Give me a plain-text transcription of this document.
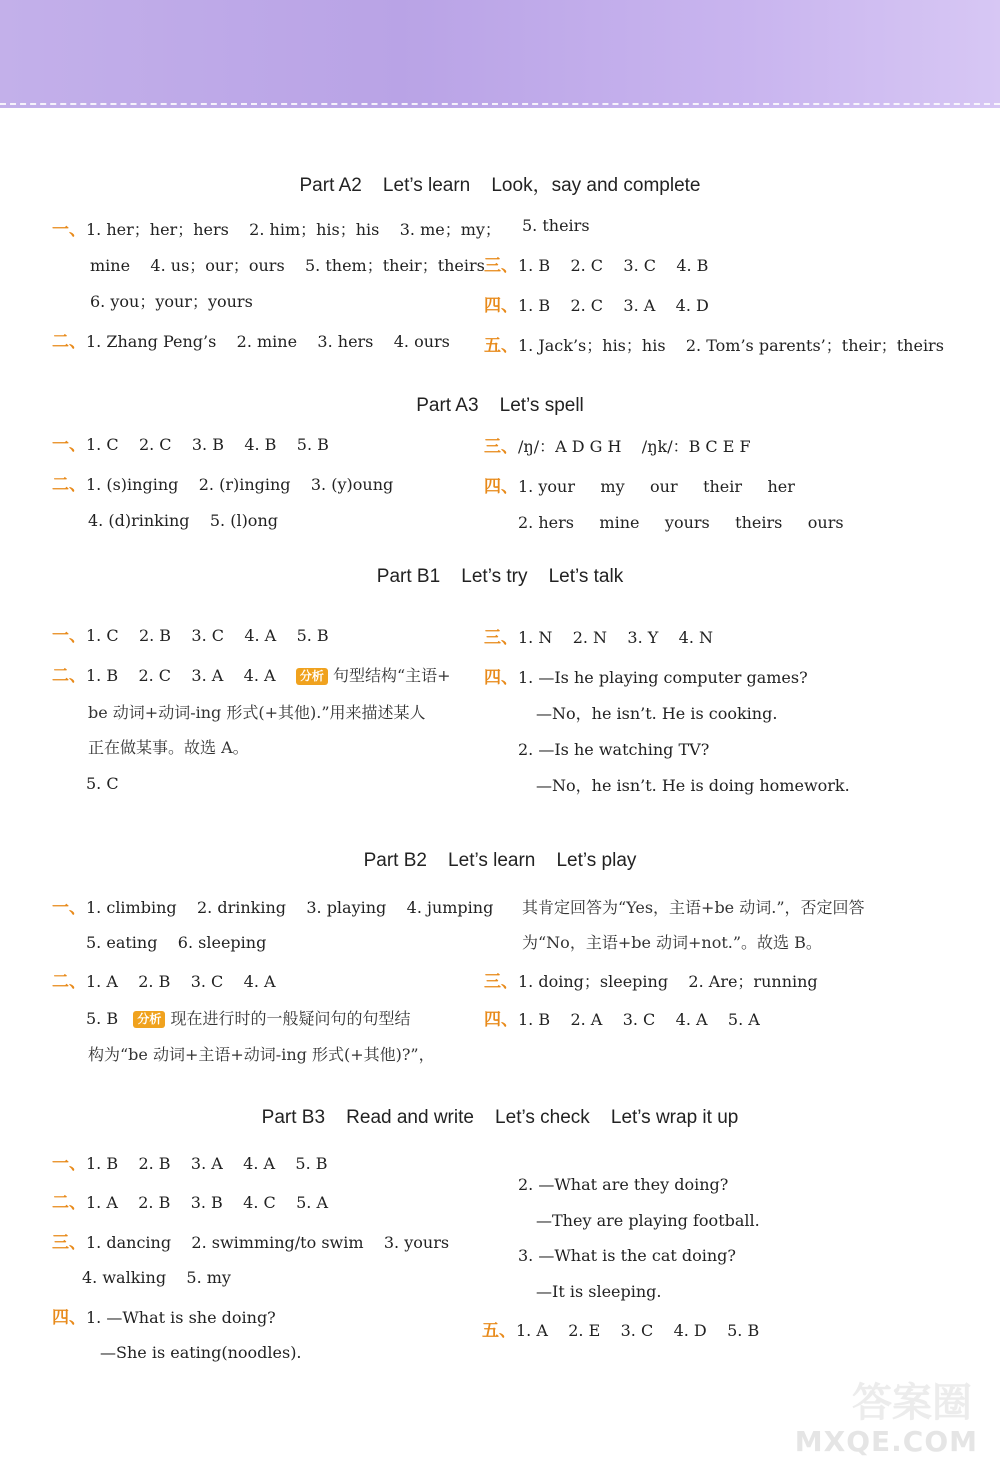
Part A2    Let’s learn    Look，say and complete
一、1. her；her；hers    2. him；his；his    3. me；my；
mine    4. us；our；ours    5. them；their；theirs
6. you；your；yours
二、1. Zhang Peng’s    2. mine    3. hers    4. ours
5. theirs
三、1. B    2. C    3. C    4. B
四、1. B    2. C    3. A    4. D
五、1. Jack’s；his；his    2. Tom’s parents’；their；theirs
Part A3    Let’s spell
一、1. C    2. C    3. B    4. B    5. B
二、1. (s)inging    2. (r)inging    3. (y)oung
4. (d)rinking    5. (l)ong
三、/ŋ/：A D G H    /ŋk/：B C E F
四、1. your     my     our     their     her
2. hers     mine     yours     theirs     ours
Part B1    Let’s try    Let’s talk
一、1. C    2. B    3. C    4. A    5. B
二、1. B    2. C    3. A    4. A 分析 句型结构“主语+
be 动词+动词-ing 形式(+其他).”用来描述某人
正在做某事。故选 A。
5. C
三、1. N    2. N    3. Y    4. N
四、1. —Is he playing computer games?
—No，he isn’t. He is cooking.
2. —Is he watching TV?
—No，he isn’t. He is doing homework.
Part B2    Let’s learn    Let’s play
一、1. climbing    2. drinking    3. playing    4. jumping
5. eating    6. sleeping
二、1. A    2. B    3. C    4. A
5. B 分析 现在进行时的一般疑问句的句型结
构为“be 动词+主语+动词-ing 形式(+其他)?”，
其肯定回答为“Yes，主语+be 动词.”，否定回答
为“No，主语+be 动词+not.”。故选 B。
三、1. doing；sleeping    2. Are；running
四、1. B    2. A    3. C    4. A    5. A
Part B3    Read and write    Let’s check    Let’s wrap it up
一、1. B    2. B    3. A    4. A    5. B
二、1. A    2. B    3. B    4. C    5. A
三、1. dancing    2. swimming/to swim    3. yours
4. walking    5. my
四、1. —What is she doing?
—She is eating(noodles).
2. —What are they doing?
—They are playing football.
3. —What is the cat doing?
—It is sleeping.
五、1. A    2. E    3. C    4. D    5. B
答案圈
MXQE.COM
